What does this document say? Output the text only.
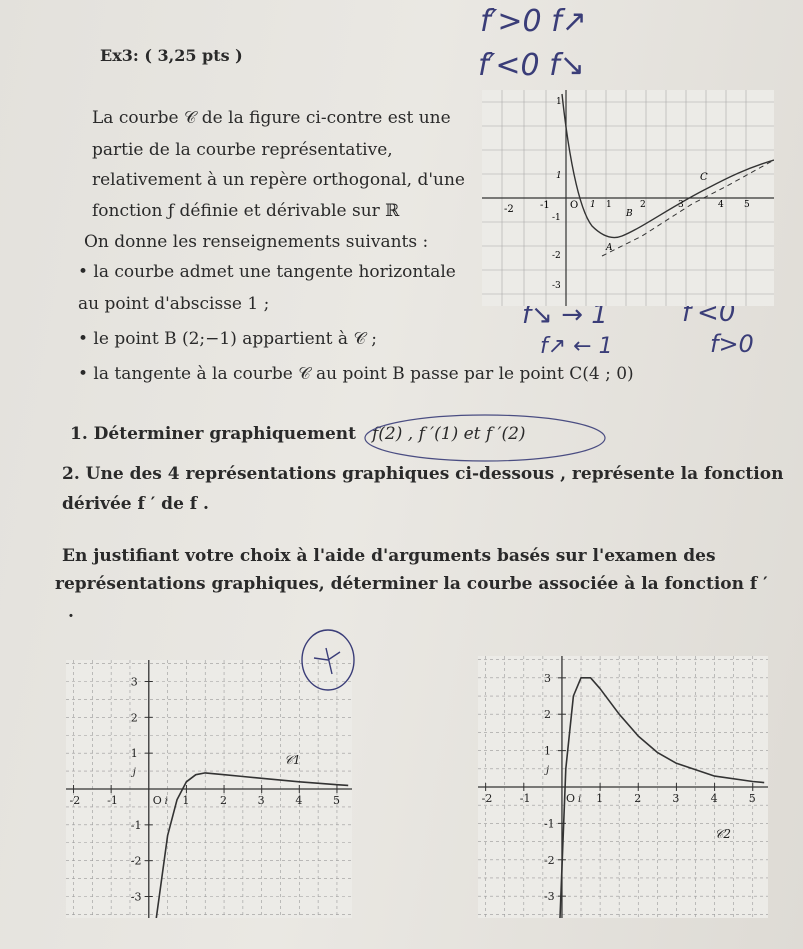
Ex3: ( 3,25 pts )
La courbe 𝒞 de la figure ci-contre est une
partie de la courbe représentative,
relativement à un repère orthogonal, d'une
fonction ƒ définie et dérivable sur ℝ
On donne les renseignements suivants :
• la courbe admet une tangente horizontale
au point d'abscisse 1 ;
• le point B (2;−1) appartient à 𝒞 ;
• la tangente à la courbe 𝒞 au point B passe par le point C(4 ; 0)
1. Déterminer graphiquement f(2) , f ′(1) et f ′(2)
2. Une des 4 représentations graphiques ci-dessous , représente la fonction
dérivée f ′ de f .
En justifiant votre choix à l'aide d'arguments basés sur l'examen des
représentations graphiques, déterminer la courbe associée à la fonction f ′
.
f′>0 f↗
f′<0 f↘
f↘ → 1	f′<0
f↗ ← 1	f>0
-2	-1 O 1 1	2	3	4 5
1
1
-1
-2
-3
C
B
A
-2 -1	O 1	2	3	4	5
3
2
1
-1
-2
-3
i
j
𝒞1
-2 -1	O 1	2	3	4	5
3
2
1
-1
-2
-3
i
j
𝒞2
